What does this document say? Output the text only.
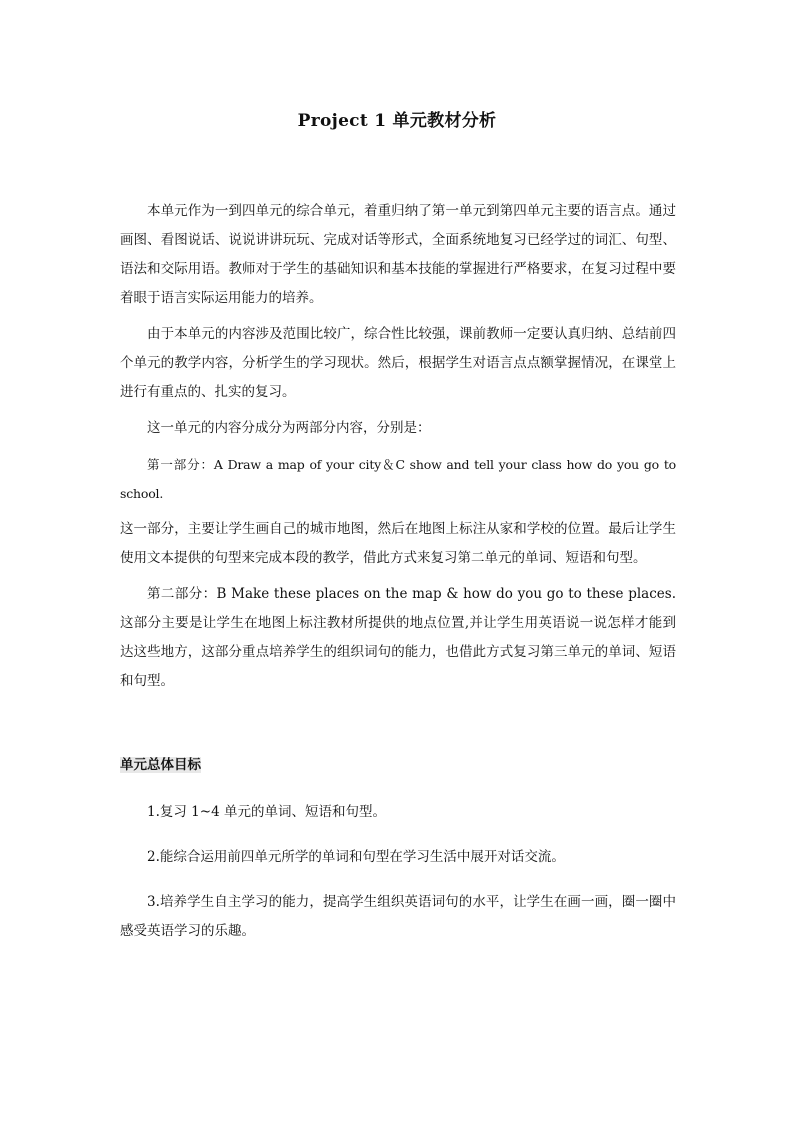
Project 1 单元教材分析

本单元作为一到四单元的综合单元，着重归纳了第一单元到第四单元主要的语言点。通过画图、看图说话、说说讲讲玩玩、完成对话等形式，全面系统地复习已经学过的词汇、句型、语法和交际用语。教师对于学生的基础知识和基本技能的掌握进行严格要求，在复习过程中要着眼于语言实际运用能力的培养。

由于本单元的内容涉及范围比较广，综合性比较强，课前教师一定要认真归纳、总结前四个单元的教学内容，分析学生的学习现状。然后，根据学生对语言点点额掌握情况，在课堂上进行有重点的、扎实的复习。

这一单元的内容分成分为两部分内容，分别是：

第一部分：A Draw a map of your city＆C show and tell your class how do you go to school.

这一部分，主要让学生画自己的城市地图，然后在地图上标注从家和学校的位置。最后让学生使用文本提供的句型来完成本段的教学，借此方式来复习第二单元的单词、短语和句型。

第二部分：B Make these places on the map & how do you go to these places.这部分主要是让学生在地图上标注教材所提供的地点位置,并让学生用英语说一说怎样才能到达这些地方，这部分重点培养学生的组织词句的能力，也借此方式复习第三单元的单词、短语和句型。

单元总体目标

1.复习 1~4 单元的单词、短语和句型。

2.能综合运用前四单元所学的单词和句型在学习生活中展开对话交流。

3.培养学生自主学习的能力，提高学生组织英语词句的水平，让学生在画一画，圈一圈中感受英语学习的乐趣。
